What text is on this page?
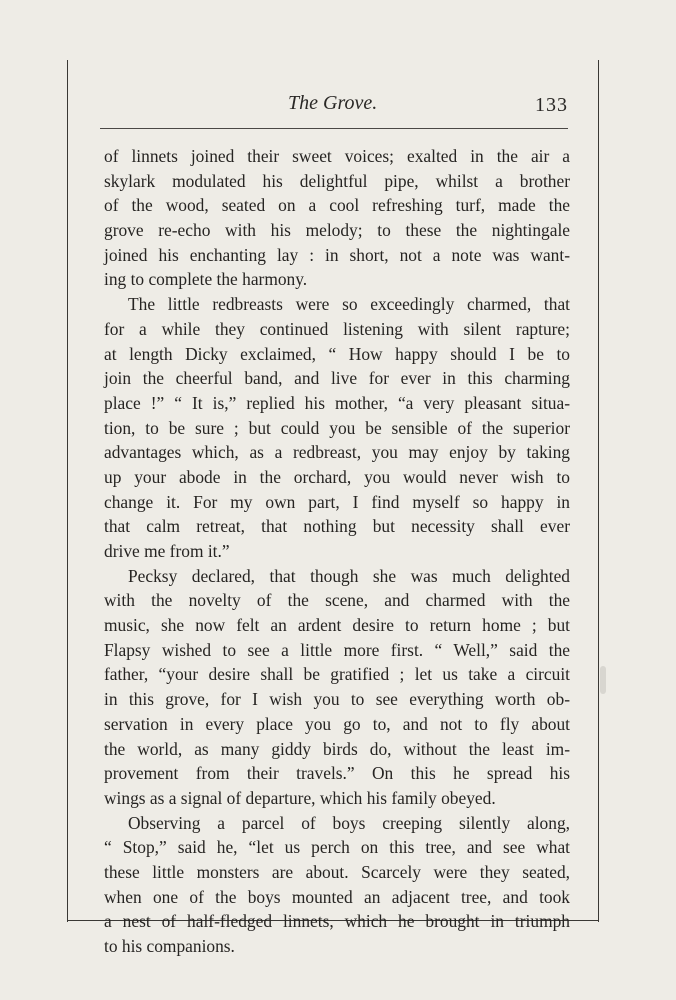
The Grove.	133

of linnets joined their sweet voices; exalted in the air a
skylark modulated his delightful pipe, whilst a brother
of the wood, seated on a cool refreshing turf, made the
grove re-echo with his melody; to these the nightingale
joined his enchanting lay : in short, not a note was want-
ing to complete the harmony.

The little redbreasts were so exceedingly charmed, that
for a while they continued listening with silent rapture;
at length Dicky exclaimed, “ How happy should I be to
join the cheerful band, and live for ever in this charming
place !” “ It is,” replied his mother, “a very pleasant situa-
tion, to be sure ; but could you be sensible of the superior
advantages which, as a redbreast, you may enjoy by taking
up your abode in the orchard, you would never wish to
change it. For my own part, I find myself so happy in
that calm retreat, that nothing but necessity shall ever
drive me from it.”

Pecksy declared, that though she was much delighted
with the novelty of the scene, and charmed with the
music, she now felt an ardent desire to return home ; but
Flapsy wished to see a little more first. “ Well,” said the
father, “your desire shall be gratified ; let us take a circuit
in this grove, for I wish you to see everything worth ob-
servation in every place you go to, and not to fly about
the world, as many giddy birds do, without the least im-
provement from their travels.” On this he spread his
wings as a signal of departure, which his family obeyed.

Observing a parcel of boys creeping silently along,
“ Stop,” said he, “let us perch on this tree, and see what
these little monsters are about. Scarcely were they seated,
when one of the boys mounted an adjacent tree, and took
a nest of half-fledged linnets, which he brought in triumph
to his companions.
